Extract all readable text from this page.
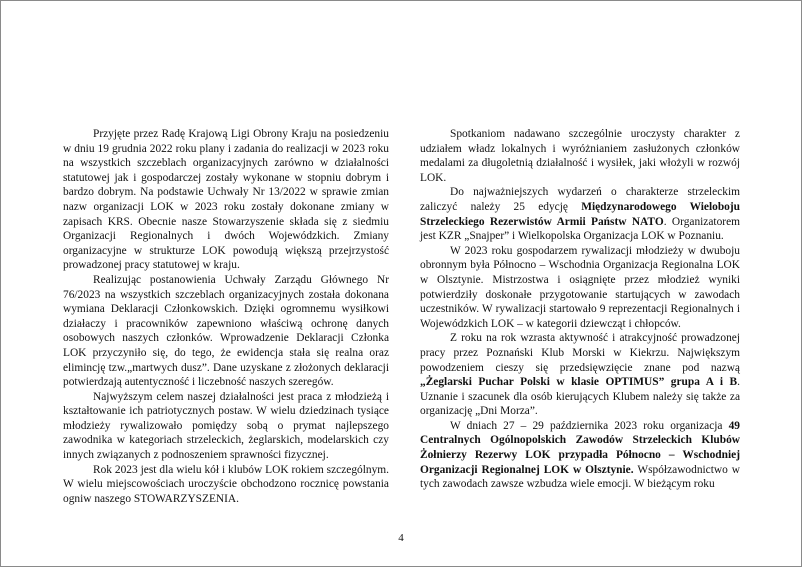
Przyjęte przez Radę Krajową Ligi Obrony Kraju na posiedzeniu w dniu 19 grudnia 2022 roku plany i zadania do realizacji w 2023 roku na wszystkich szczeblach organizacyjnych zarówno w działalności statutowej jak i gospodarczej zostały wykonane w stopniu dobrym i bardzo dobrym. Na podstawie Uchwały Nr 13/2022 w sprawie zmian nazw organizacji LOK w 2023 roku zostały dokonane zmiany w zapisach KRS. Obecnie nasze Stowarzyszenie składa się z siedmiu Organizacji Regionalnych i dwóch Wojewódzkich. Zmiany organizacyjne w strukturze LOK powodują większą przejrzystość prowadzonej pracy statutowej w kraju.

Realizując postanowienia Uchwały Zarządu Głównego Nr 76/2023 na wszystkich szczeblach organizacyjnych została dokonana wymiana Deklaracji Członkowskich. Dzięki ogromnemu wysiłkowi działaczy i pracowników zapewniono właściwą ochronę danych osobowych naszych członków. Wprowadzenie Deklaracji Członka LOK przyczyniło się, do tego, że ewidencja stała się realna oraz elimincję tzw.„martwych dusz”. Dane uzyskane z złożonych deklaracji potwierdzają autentyczność i liczebność naszych szeregów.

Najwyższym celem naszej działalności jest praca z młodzieżą i kształtowanie ich patriotycznych postaw. W wielu dziedzinach tysiące młodzieży rywalizowało pomiędzy sobą o prymat najlepszego zawodnika w kategoriach strzeleckich, żeglarskich, modelarskich czy innych związanych z podnoszeniem sprawności fizycznej.

Rok 2023 jest dla wielu kół i klubów LOK rokiem szczególnym. W wielu miejscowościach uroczyście obchodzono rocznicę powstania ogniw naszego STOWARZYSZENIA.

Spotkaniom nadawano szczególnie uroczysty charakter z udziałem władz lokalnych i wyróżnianiem zasłużonych członków medalami za długoletnią działalność i wysiłek, jaki włożyli w rozwój LOK.

Do najważniejszych wydarzeń o charakterze strzeleckim zaliczyć należy 25 edycję Międzynarodowego Wieloboju Strzeleckiego Rezerwistów Armii Państw NATO. Organizatorem jest KZR „Snajper” i Wielkopolska Organizacja LOK w Poznaniu.

W 2023 roku gospodarzem rywalizacji młodzieży w dwuboju obronnym była Północno – Wschodnia Organizacja Regionalna LOK w Olsztynie. Mistrzostwa i osiągnięte przez młodzież wyniki potwierdziły doskonałe przygotowanie startujących w zawodach uczestników. W rywalizacji startowało 9 reprezentacji Regionalnych i Wojewódzkich LOK – w kategorii dziewcząt i chłopców.

Z roku na rok wzrasta aktywność i atrakcyjność prowadzonej pracy przez Poznański Klub Morski w Kiekrzu. Największym powodzeniem cieszy się przedsięwzięcie znane pod nazwą „Żeglarski Puchar Polski w klasie OPTIMUS” grupa A i B. Uznanie i szacunek dla osób kierujących Klubem należy się także za organizację „Dni Morza”.

W dniach 27 – 29 października 2023 roku organizacja 49 Centralnych Ogólnopolskich Zawodów Strzeleckich Klubów Żołnierzy Rezerwy LOK przypadła Północno – Wschodniej Organizacji Regionalnej LOK w Olsztynie. Współzawodnictwo w tych zawodach zawsze wzbudza wiele emocji. W bieżącym roku

4
